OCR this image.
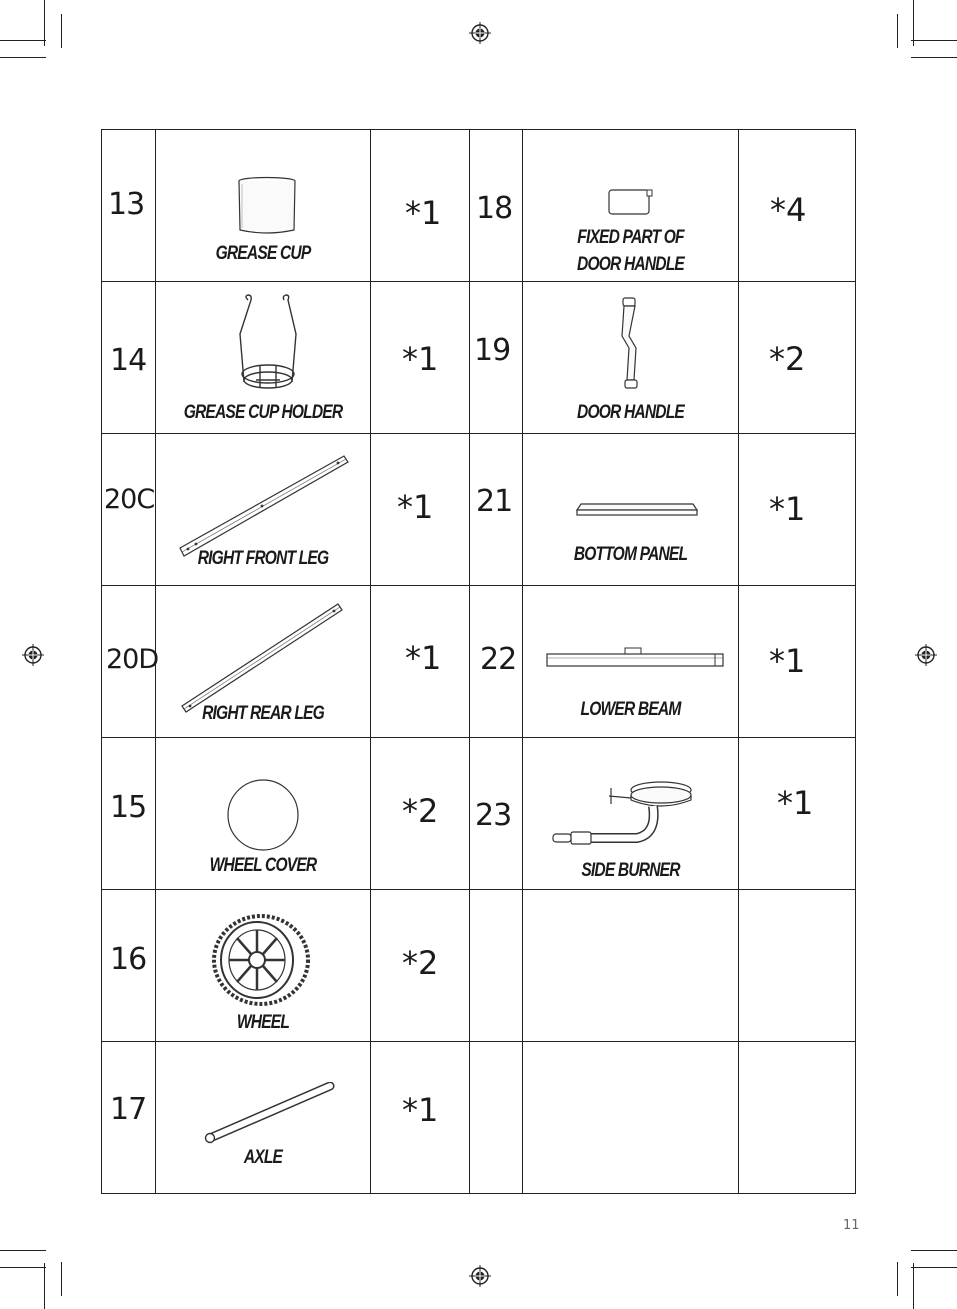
13	GREASE CUP	*1	18	FIXED PART OF
DOOR HANDLE	*4

14	GREASE CUP HOLDER	*1	19	DOOR HANDLE	*2

20C	RIGHT FRONT LEG	*1	21	BOTTOM PANEL	*1

20D	RIGHT REAR LEG	*1	22	LOWER BEAM	*1

15	WHEEL COVER	*2	23	SIDE BURNER	*1

16	WHEEL	*2			

17	AXLE	*1			

11
